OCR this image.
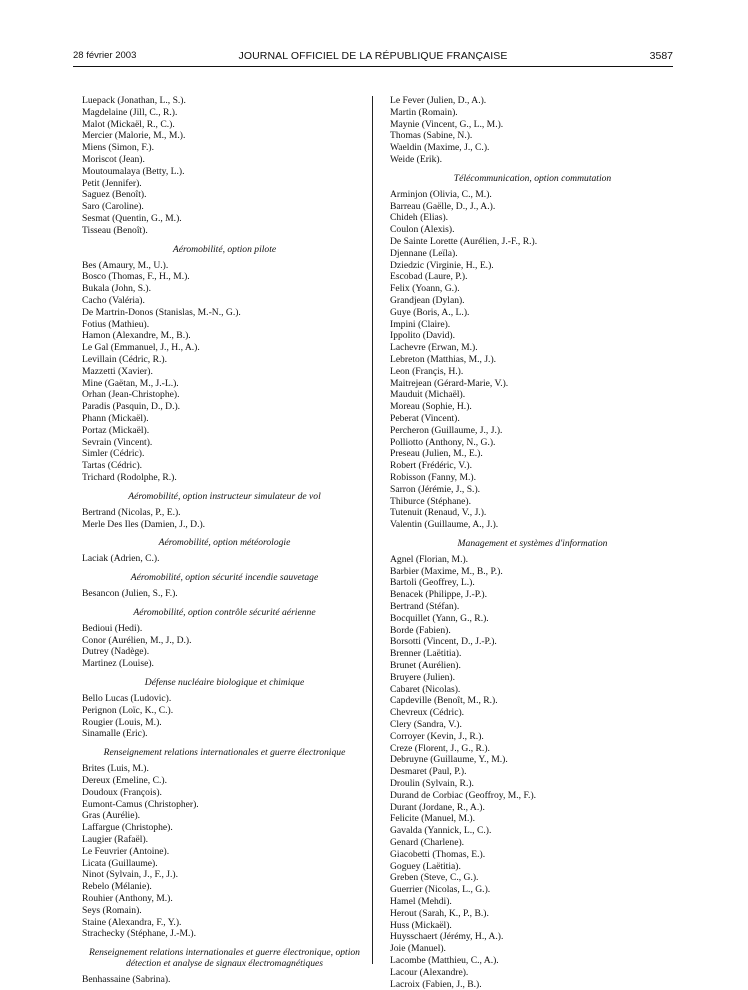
28 février 2003	JOURNAL OFFICIEL DE LA RÉPUBLIQUE FRANÇAISE	3587
Luepack (Jonathan, L., S.).
Magdelaine (Jill, C., R.).
Malot (Mickaël, R., C.).
Mercier (Malorie, M., M.).
Miens (Simon, F.).
Moriscot (Jean).
Moutoumalaya (Betty, L.).
Petit (Jennifer).
Saguez (Benoît).
Saro (Caroline).
Sesmat (Quentin, G., M.).
Tisseau (Benoît).
Aéromobilité, option pilote
Bes (Amaury, M., U.).
Bosco (Thomas, F., H., M.).
Bukala (John, S.).
Cacho (Valéria).
De Martrin-Donos (Stanislas, M.-N., G.).
Fotius (Mathieu).
Hamon (Alexandre, M., B.).
Le Gal (Emmanuel, J., H., A.).
Levillain (Cédric, R.).
Mazzetti (Xavier).
Mine (Gaëtan, M., J.-L.).
Orhan (Jean-Christophe).
Paradis (Pasquin, D., D.).
Phann (Mickaël).
Portaz (Mickaël).
Sevrain (Vincent).
Simler (Cédric).
Tartas (Cédric).
Trichard (Rodolphe, R.).
Aéromobilité, option instructeur simulateur de vol
Bertrand (Nicolas, P., E.).
Merle Des Iles (Damien, J., D.).
Aéromobilité, option météorologie
Laciak (Adrien, C.).
Aéromobilité, option sécurité incendie sauvetage
Besancon (Julien, S., F.).
Aéromobilité, option contrôle sécurité aérienne
Bedioui (Hedi).
Conor (Aurélien, M., J., D.).
Dutrey (Nadège).
Martinez (Louise).
Défense nucléaire biologique et chimique
Bello Lucas (Ludovic).
Perignon (Loïc, K., C.).
Rougier (Louis, M.).
Sinamalle (Eric).
Renseignement relations internationales et guerre électronique
Brites (Luis, M.).
Dereux (Emeline, C.).
Doudoux (François).
Eumont-Camus (Christopher).
Gras (Aurélie).
Laffargue (Christophe).
Laugier (Rafaël).
Le Feuvrier (Antoine).
Licata (Guillaume).
Ninot (Sylvain, J., F., J.).
Rebelo (Mélanie).
Rouhier (Anthony, M.).
Seys (Romain).
Staine (Alexandra, F., Y.).
Strachecky (Stéphane, J.-M.).
Renseignement relations internationales et guerre électronique, option détection et analyse de signaux électromagnétiques
Benhassaine (Sabrina).
Le Fever (Julien, D., A.).
Martin (Romain).
Maynie (Vincent, G., L., M.).
Thomas (Sabine, N.).
Waeldin (Maxime, J., C.).
Weide (Erik).
Télécommunication, option commutation
Arminjon (Olivia, C., M.).
Barreau (Gaëlle, D., J., A.).
Chideh (Elias).
Coulon (Alexis).
De Sainte Lorette (Aurélien, J.-F., R.).
Djennane (Leïla).
Dziedzic (Virginie, H., E.).
Escobad (Laure, P.).
Felix (Yoann, G.).
Grandjean (Dylan).
Guye (Boris, A., L.).
Impini (Claire).
Ippolito (David).
Lachevre (Erwan, M.).
Lebreton (Matthias, M., J.).
Leon (Françis, H.).
Maitrejean (Gérard-Marie, V.).
Mauduit (Michaël).
Moreau (Sophie, H.).
Peberat (Vincent).
Percheron (Guillaume, J., J.).
Polliotto (Anthony, N., G.).
Preseau (Julien, M., E.).
Robert (Frédéric, V.).
Robisson (Fanny, M.).
Sarron (Jérémie, J., S.).
Thiburce (Stéphane).
Tutenuit (Renaud, V., J.).
Valentin (Guillaume, A., J.).
Management et systèmes d'information
Agnel (Florian, M.).
Barbier (Maxime, M., B., P.).
Bartoli (Geoffrey, L.).
Benacek (Philippe, J.-P.).
Bertrand (Stéfan).
Bocquillet (Yann, G., R.).
Borde (Fabien).
Borsotti (Vincent, D., J.-P.).
Brenner (Laëtitia).
Brunet (Aurélien).
Bruyere (Julien).
Cabaret (Nicolas).
Capdeville (Benoît, M., R.).
Chevreux (Cédric).
Clery (Sandra, V.).
Corroyer (Kevin, J., R.).
Creze (Florent, J., G., R.).
Debruyne (Guillaume, Y., M.).
Desmaret (Paul, P.).
Droulin (Sylvain, R.).
Durand de Corbiac (Geoffroy, M., F.).
Durant (Jordane, R., A.).
Felicite (Manuel, M.).
Gavalda (Yannick, L., C.).
Genard (Charlene).
Giacobetti (Thomas, E.).
Goguey (Laëtitia).
Greben (Steve, C., G.).
Guerrier (Nicolas, L., G.).
Hamel (Mehdi).
Herout (Sarah, K., P., B.).
Huss (Mickaël).
Huysschaert (Jérémy, H., A.).
Joie (Manuel).
Lacombe (Matthieu, C., A.).
Lacour (Alexandre).
Lacroix (Fabien, J., B.).
